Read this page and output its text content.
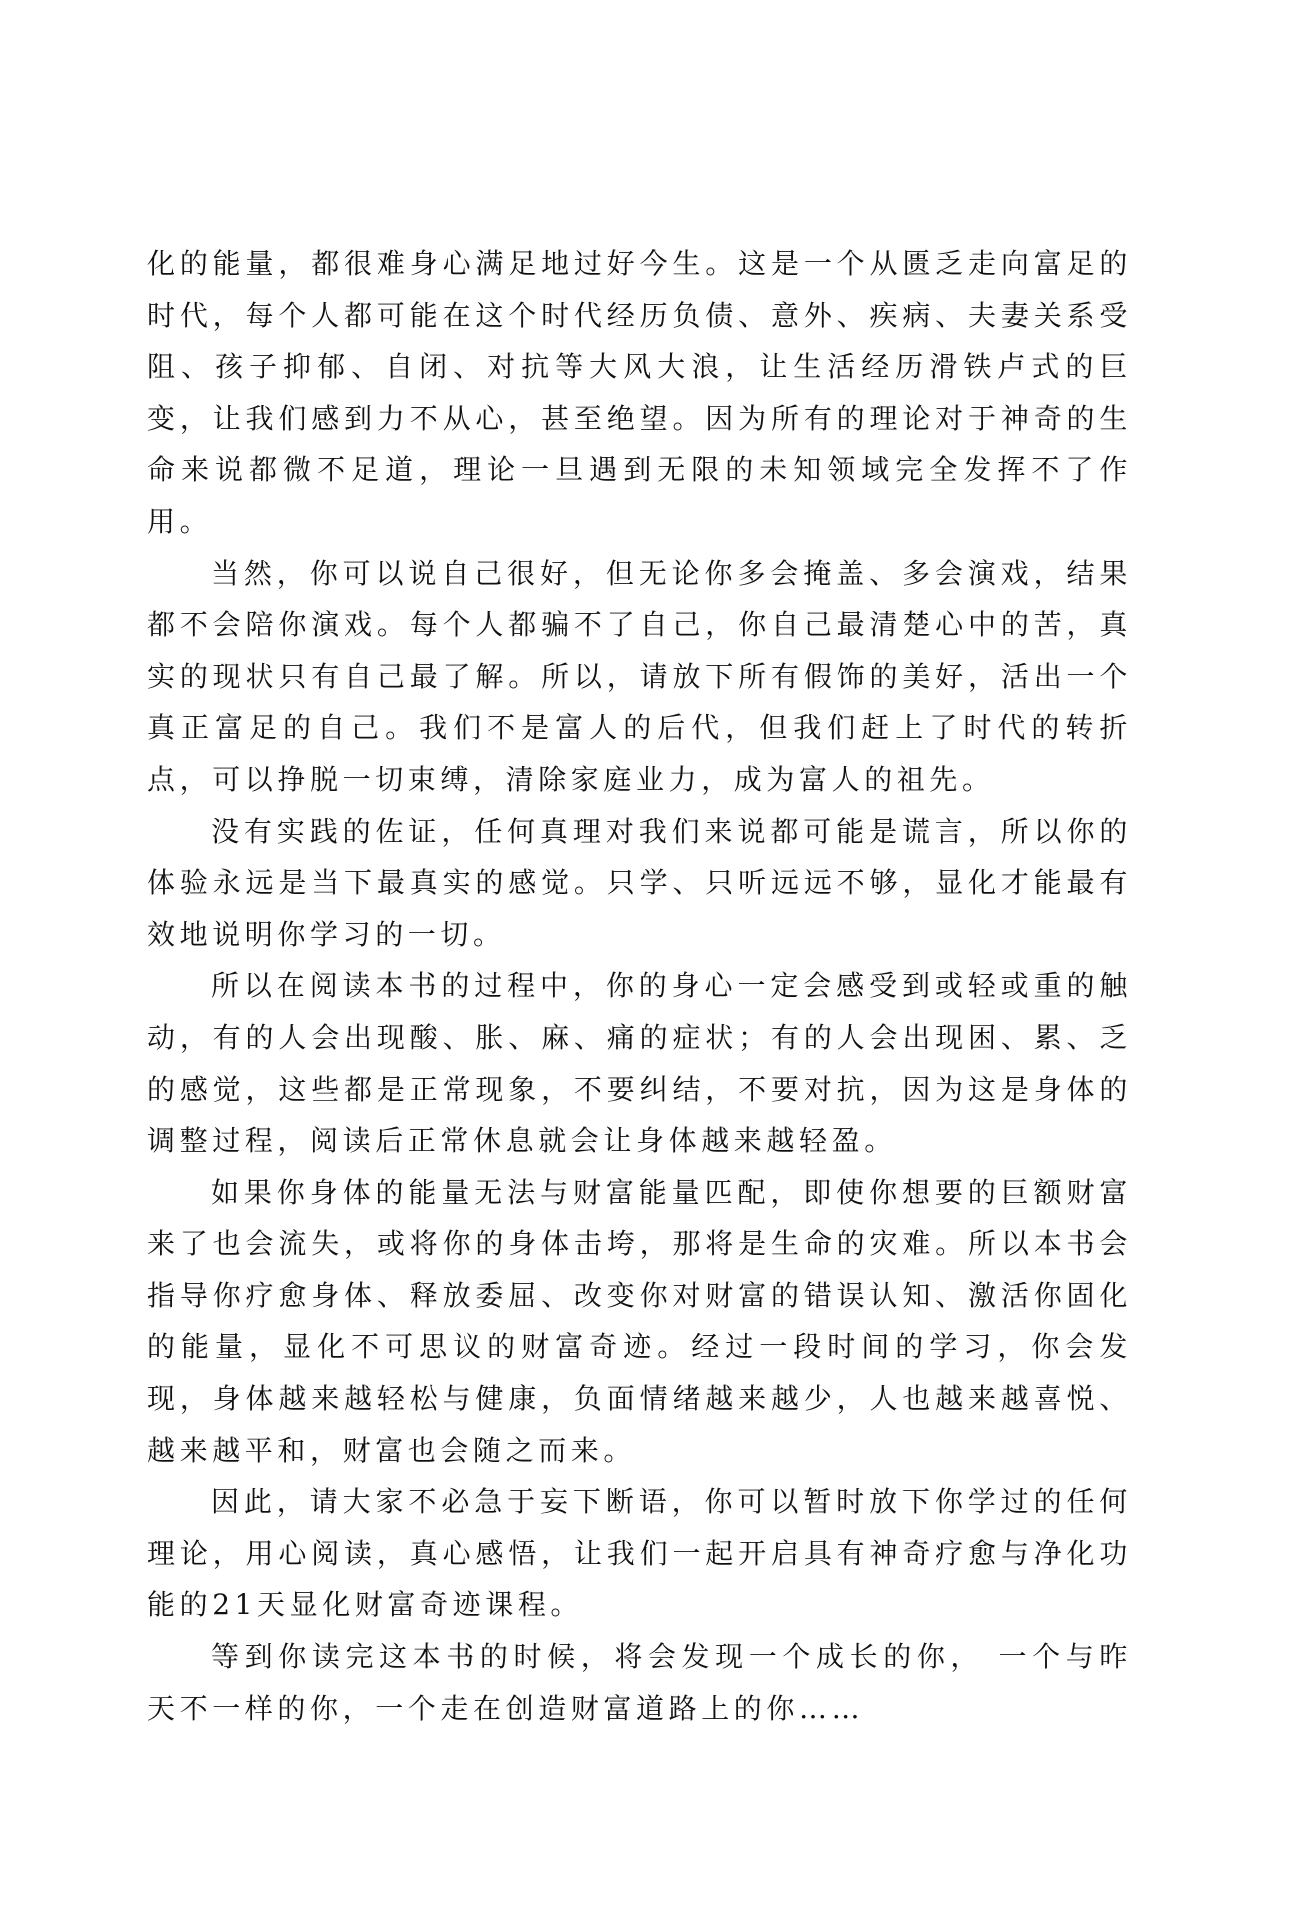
化的能量，都很难身心满足地过好今生。这是一个从匮乏走向富足的时代，每个人都可能在这个时代经历负债、意外、疾病、夫妻关系受阻、孩子抑郁、自闭、对抗等大风大浪，让生活经历滑铁卢式的巨变，让我们感到力不从心，甚至绝望。因为所有的理论对于神奇的生命来说都微不足道，理论一旦遇到无限的未知领域完全发挥不了作用。

当然，你可以说自己很好，但无论你多会掩盖、多会演戏，结果都不会陪你演戏。每个人都骗不了自己，你自己最清楚心中的苦，真实的现状只有自己最了解。所以，请放下所有假饰的美好，活出一个真正富足的自己。我们不是富人的后代，但我们赶上了时代的转折点，可以挣脱一切束缚，清除家庭业力，成为富人的祖先。

没有实践的佐证，任何真理对我们来说都可能是谎言，所以你的体验永远是当下最真实的感觉。只学、只听远远不够，显化才能最有效地说明你学习的一切。

所以在阅读本书的过程中，你的身心一定会感受到或轻或重的触动，有的人会出现酸、胀、麻、痛的症状；有的人会出现困、累、乏的感觉，这些都是正常现象，不要纠结，不要对抗，因为这是身体的调整过程，阅读后正常休息就会让身体越来越轻盈。

如果你身体的能量无法与财富能量匹配，即使你想要的巨额财富来了也会流失，或将你的身体击垮，那将是生命的灾难。所以本书会指导你疗愈身体、释放委屈、改变你对财富的错误认知、激活你固化的能量，显化不可思议的财富奇迹。经过一段时间的学习，你会发现，身体越来越轻松与健康，负面情绪越来越少，人也越来越喜悦、越来越平和，财富也会随之而来。

因此，请大家不必急于妄下断语，你可以暂时放下你学过的任何理论，用心阅读，真心感悟，让我们一起开启具有神奇疗愈与净化功能的21天显化财富奇迹课程。

等到你读完这本书的时候，将会发现一个成长的你， 一个与昨天不一样的你，一个走在创造财富道路上的你……
